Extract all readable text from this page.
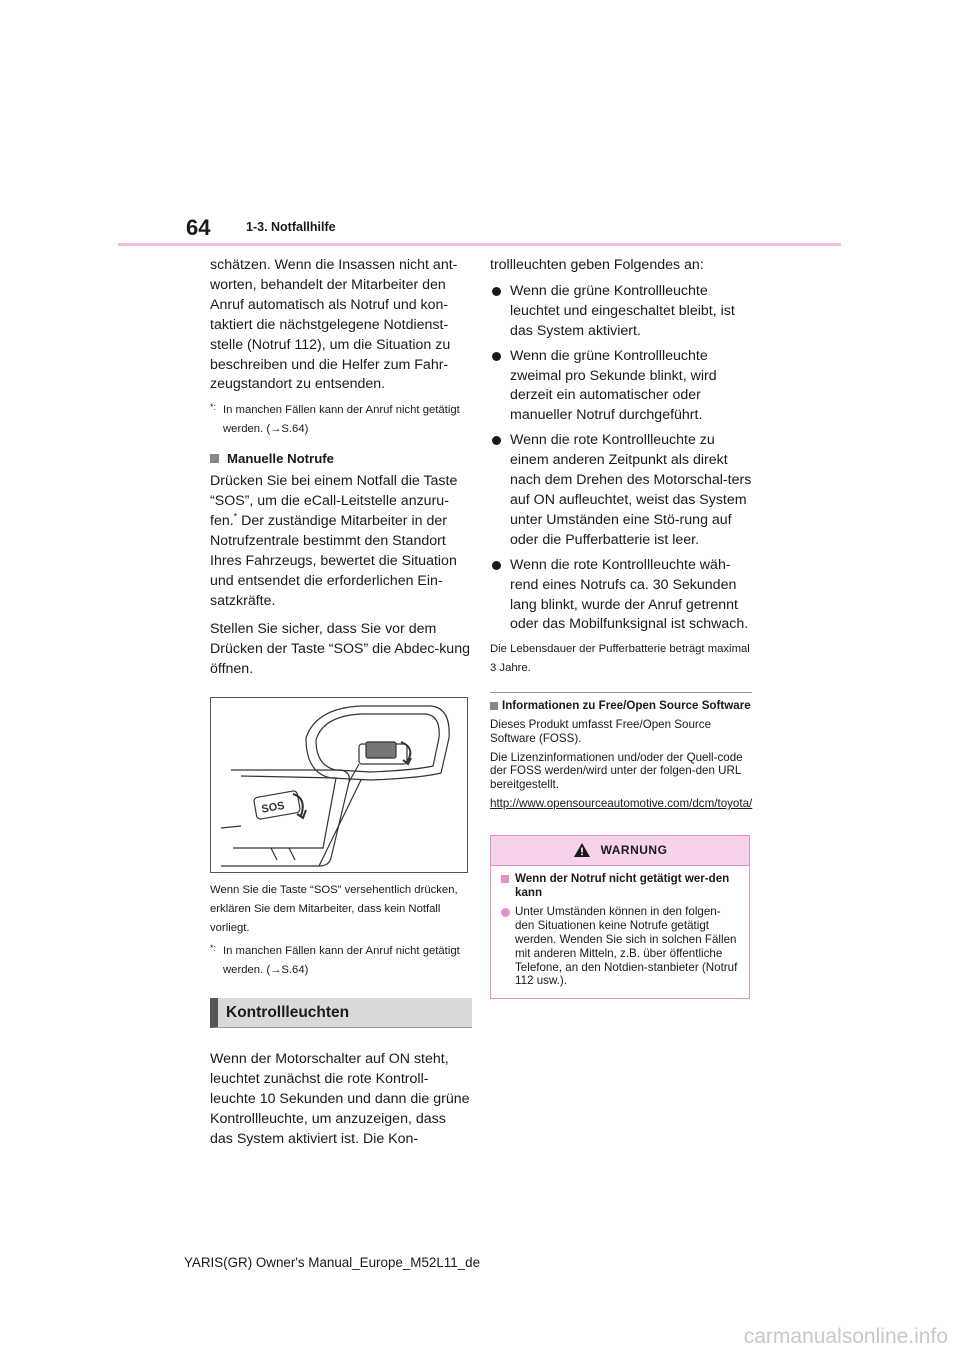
64	1-3. Notfallhilfe

schätzen. Wenn die Insassen nicht ant-worten, behandelt der Mitarbeiter den Anruf automatisch als Notruf und kon-taktiert die nächstgelegene Notdienst-stelle (Notruf 112), um die Situation zu beschreiben und die Helfer zum Fahr-zeugstandort zu entsenden.

*: In manchen Fällen kann der Anruf nicht getätigt werden. (→S.64)
Manuelle Notrufe

Drücken Sie bei einem Notfall die Taste “SOS”, um die eCall-Leitstelle anzuru-fen.* Der zuständige Mitarbeiter in der Notrufzentrale bestimmt den Standort Ihres Fahrzeugs, bewertet die Situation und entsendet die erforderlichen Ein-satzkräfte.

Stellen Sie sicher, dass Sie vor dem Drücken der Taste “SOS” die Abdec-kung öffnen.

SOS

Wenn Sie die Taste “SOS” versehentlich drücken, erklären Sie dem Mitarbeiter, dass kein Notfall vorliegt.

*: In manchen Fällen kann der Anruf nicht getätigt werden. (→S.64)
Kontrollleuchten

Wenn der Motorschalter auf ON steht, leuchtet zunächst die rote Kontroll-leuchte 10 Sekunden und dann die grüne Kontrollleuchte, um anzuzeigen, dass das System aktiviert ist. Die Kon-

trollleuchten geben Folgendes an:

Wenn die grüne Kontrollleuchte leuchtet und eingeschaltet bleibt, ist das System aktiviert.
Wenn die grüne Kontrollleuchte zweimal pro Sekunde blinkt, wird derzeit ein automatischer oder manueller Notruf durchgeführt.
Wenn die rote Kontrollleuchte zu einem anderen Zeitpunkt als direkt nach dem Drehen des Motorschal-ters auf ON aufleuchtet, weist das System unter Umständen eine Stö-rung auf oder die Pufferbatterie ist leer.
Wenn die rote Kontrollleuchte wäh-rend eines Notrufs ca. 30 Sekunden lang blinkt, wurde der Anruf getrennt oder das Mobilfunksignal ist schwach.

Die Lebensdauer der Pufferbatterie beträgt maximal 3 Jahre.

Informationen zu Free/Open Source Software

Dieses Produkt umfasst Free/Open Source Software (FOSS).

Die Lizenzinformationen und/oder der Quell-code der FOSS werden/wird unter der folgen-den URL bereitgestellt.

http://www.opensourceautomotive.com/dcm/toyota/
WARNUNG
Wenn der Notruf nicht getätigt wer-den kann
Unter Umständen können in den folgen-den Situationen keine Notrufe getätigt werden. Wenden Sie sich in solchen Fällen mit anderen Mitteln, z.B. über öffentliche Telefone, an den Notdien-stanbieter (Notruf 112 usw.).
YARIS(GR) Owner's Manual_Europe_M52L11_de
carmanualsonline.info
